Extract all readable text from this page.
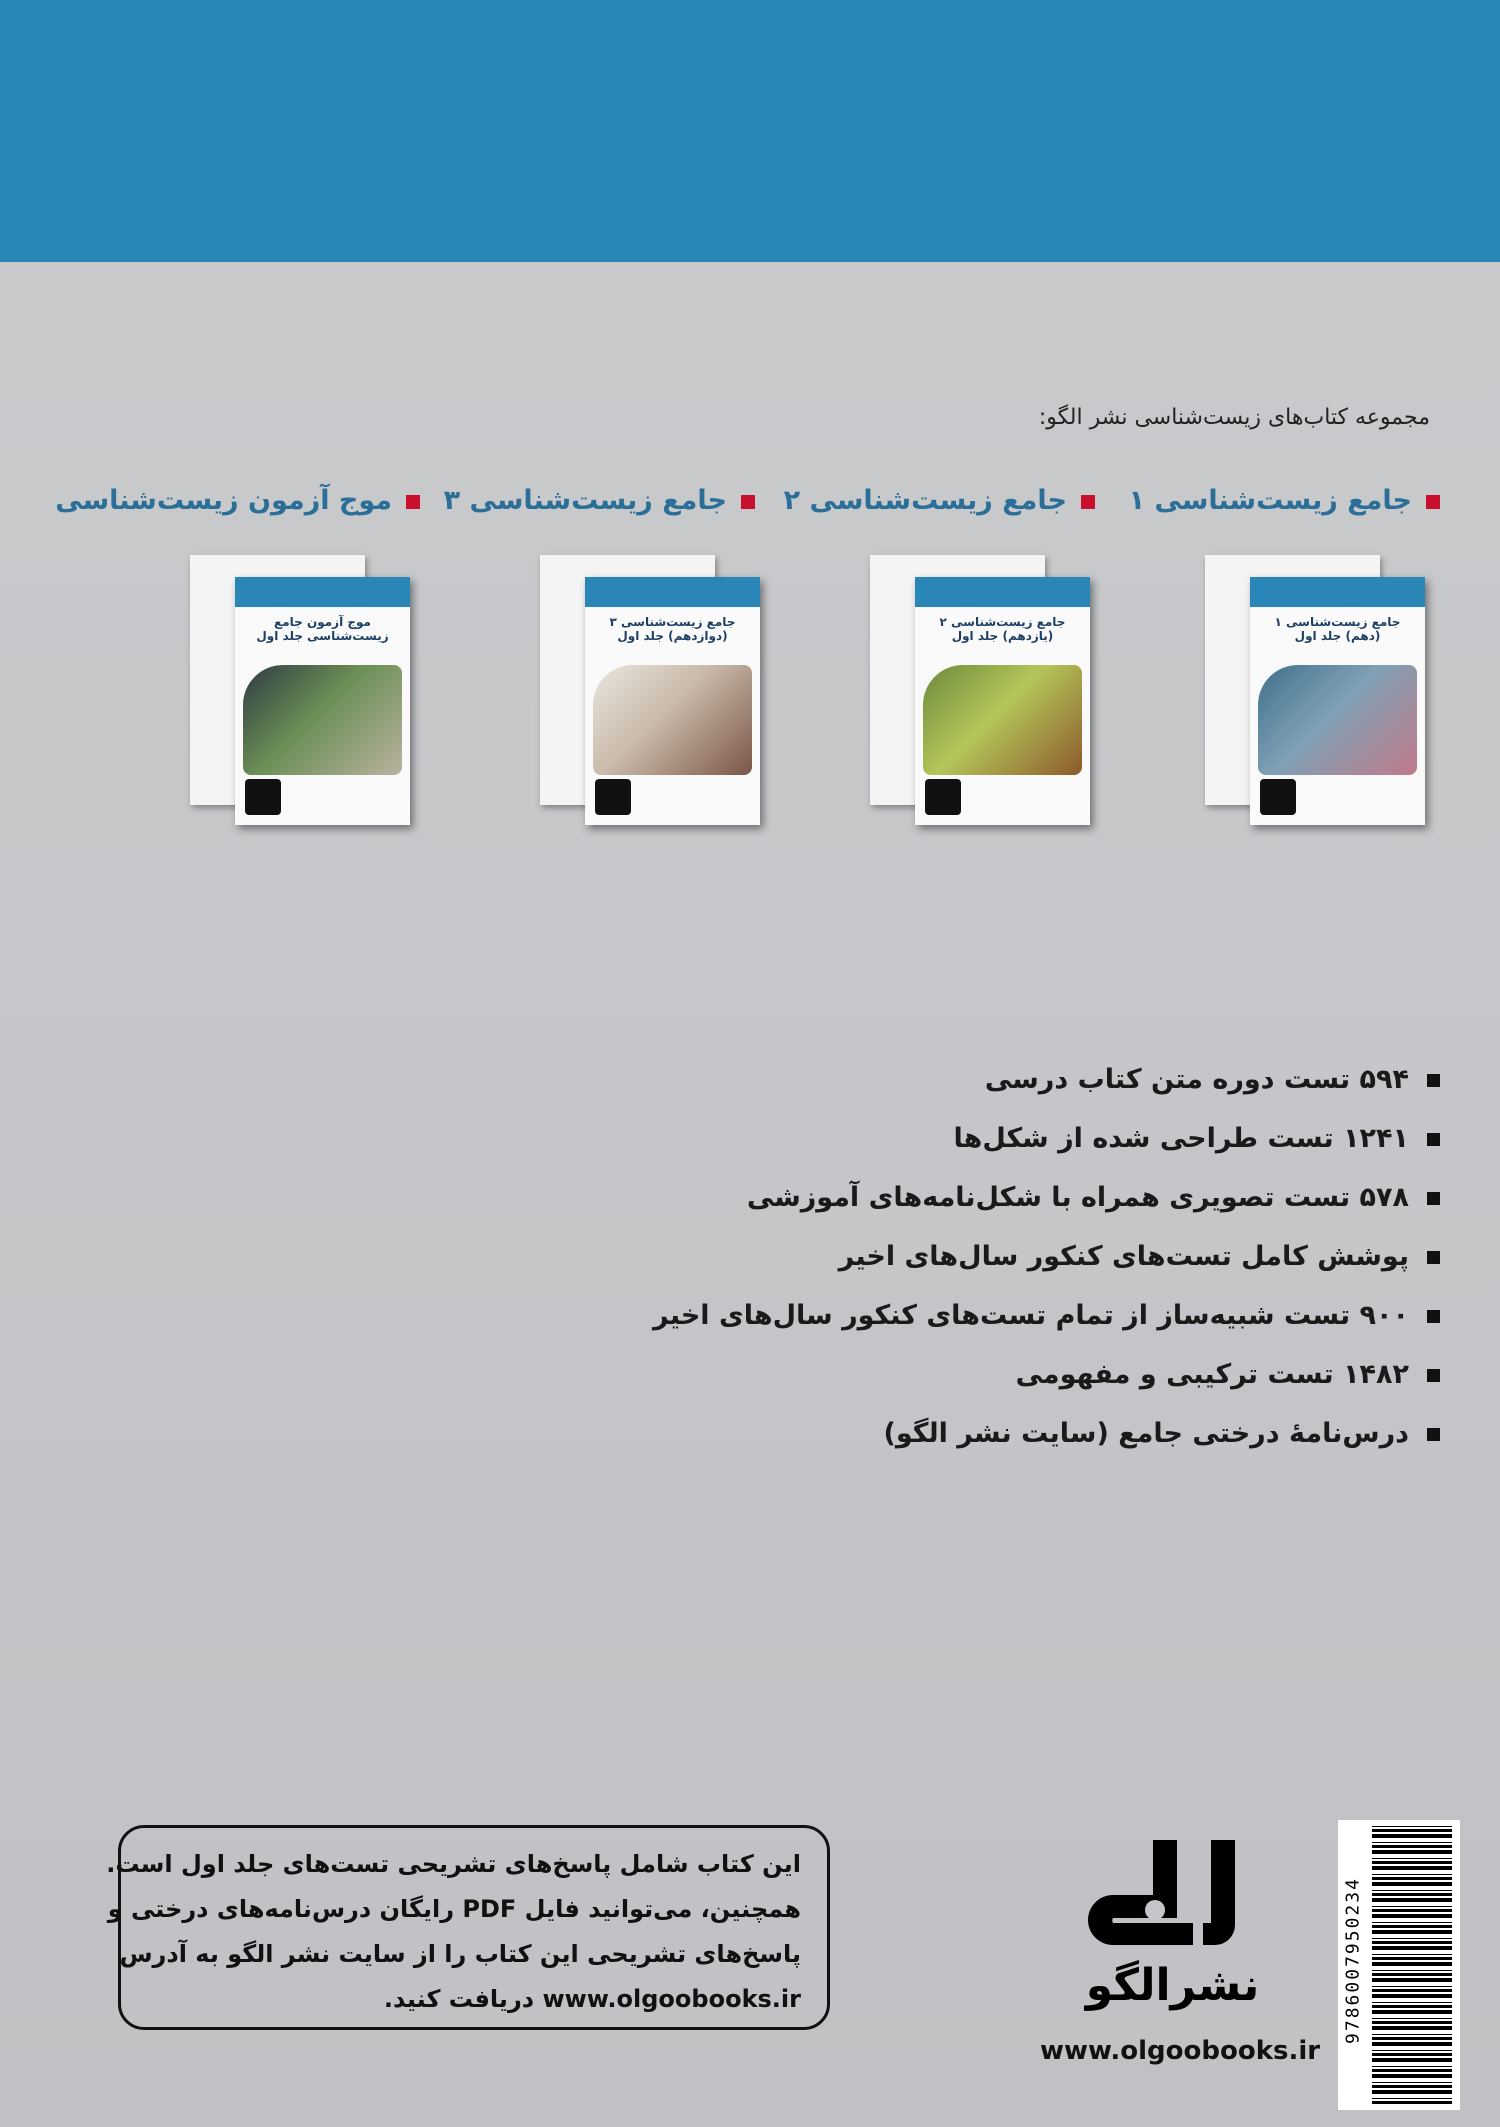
مجموعه کتاب‌های زیست‌شناسی نشر الگو:
جامع زیست‌شناسی ۱
جامع زیست‌شناسی ۲
جامع زیست‌شناسی ۳
موج آزمون زیست‌شناسی
جامع زیست‌شناسی ۱ (دهم) جلد اول
جامع زیست‌شناسی ۲ (یازدهم) جلد اول
جامع زیست‌شناسی ۳ (دوازدهم) جلد اول
موج آزمون جامع زیست‌شناسی جلد اول
۵۹۴ تست دوره متن کتاب درسی
۱۲۴۱ تست طراحی شده از شکل‌ها
۵۷۸ تست تصویری همراه با شکل‌نامه‌های آموزشی
پوشش کامل تست‌های کنکور سال‌های اخیر
۹۰۰ تست شبیه‌ساز از تمام تست‌های کنکور سال‌های اخیر
۱۴۸۲ تست ترکیبی و مفهومی
درس‌نامهٔ درختی جامع (سایت نشر الگو)
این کتاب شامل پاسخ‌های تشریحی تست‌های جلد اول است.
همچنین، می‌توانید فایل PDF رایگان درس‌نامه‌های درختی و
پاسخ‌های تشریحی این کتاب را از سایت نشر الگو به آدرس
www.olgoobooks.ir دریافت کنید.	نشرالگو
www.olgoobooks.ir
9786007950234
